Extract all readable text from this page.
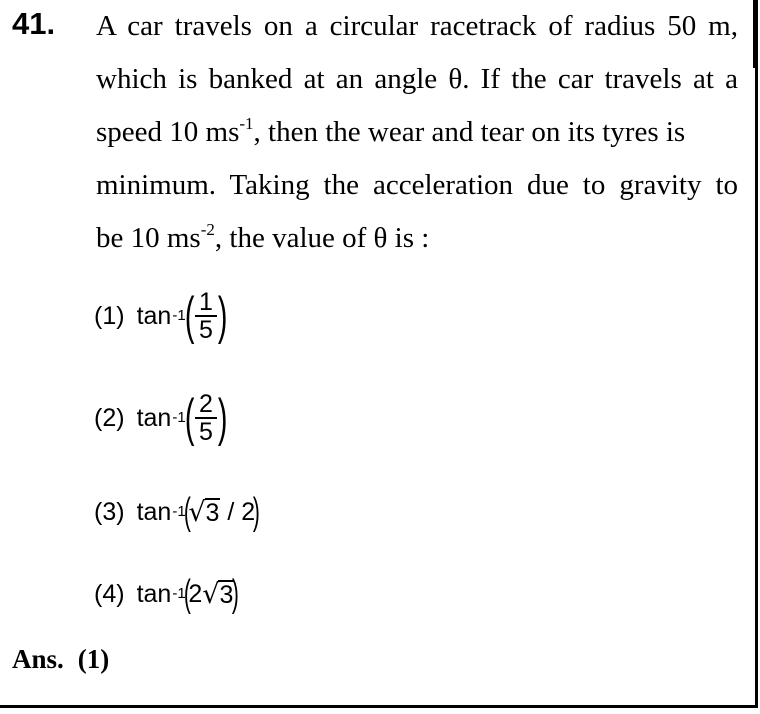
41. A car travels on a circular racetrack of radius 50 m,
which is banked at an angle θ. If the car travels at a
speed 10 $ms^{-1}$, then the wear and tear on its tyres is
minimum. Taking the acceleration due to gravity to
be 10 $ms^{-2}$, the value of θ is :
(1) tan -1
( $\frac{1}{5}$ )
(2) tan -1
( $\frac{2}{5}$ )
(3) tan -1
(
√ 3 / 2
)
(4) tan -1
(
2 √ 3
)
Ans. (1)
